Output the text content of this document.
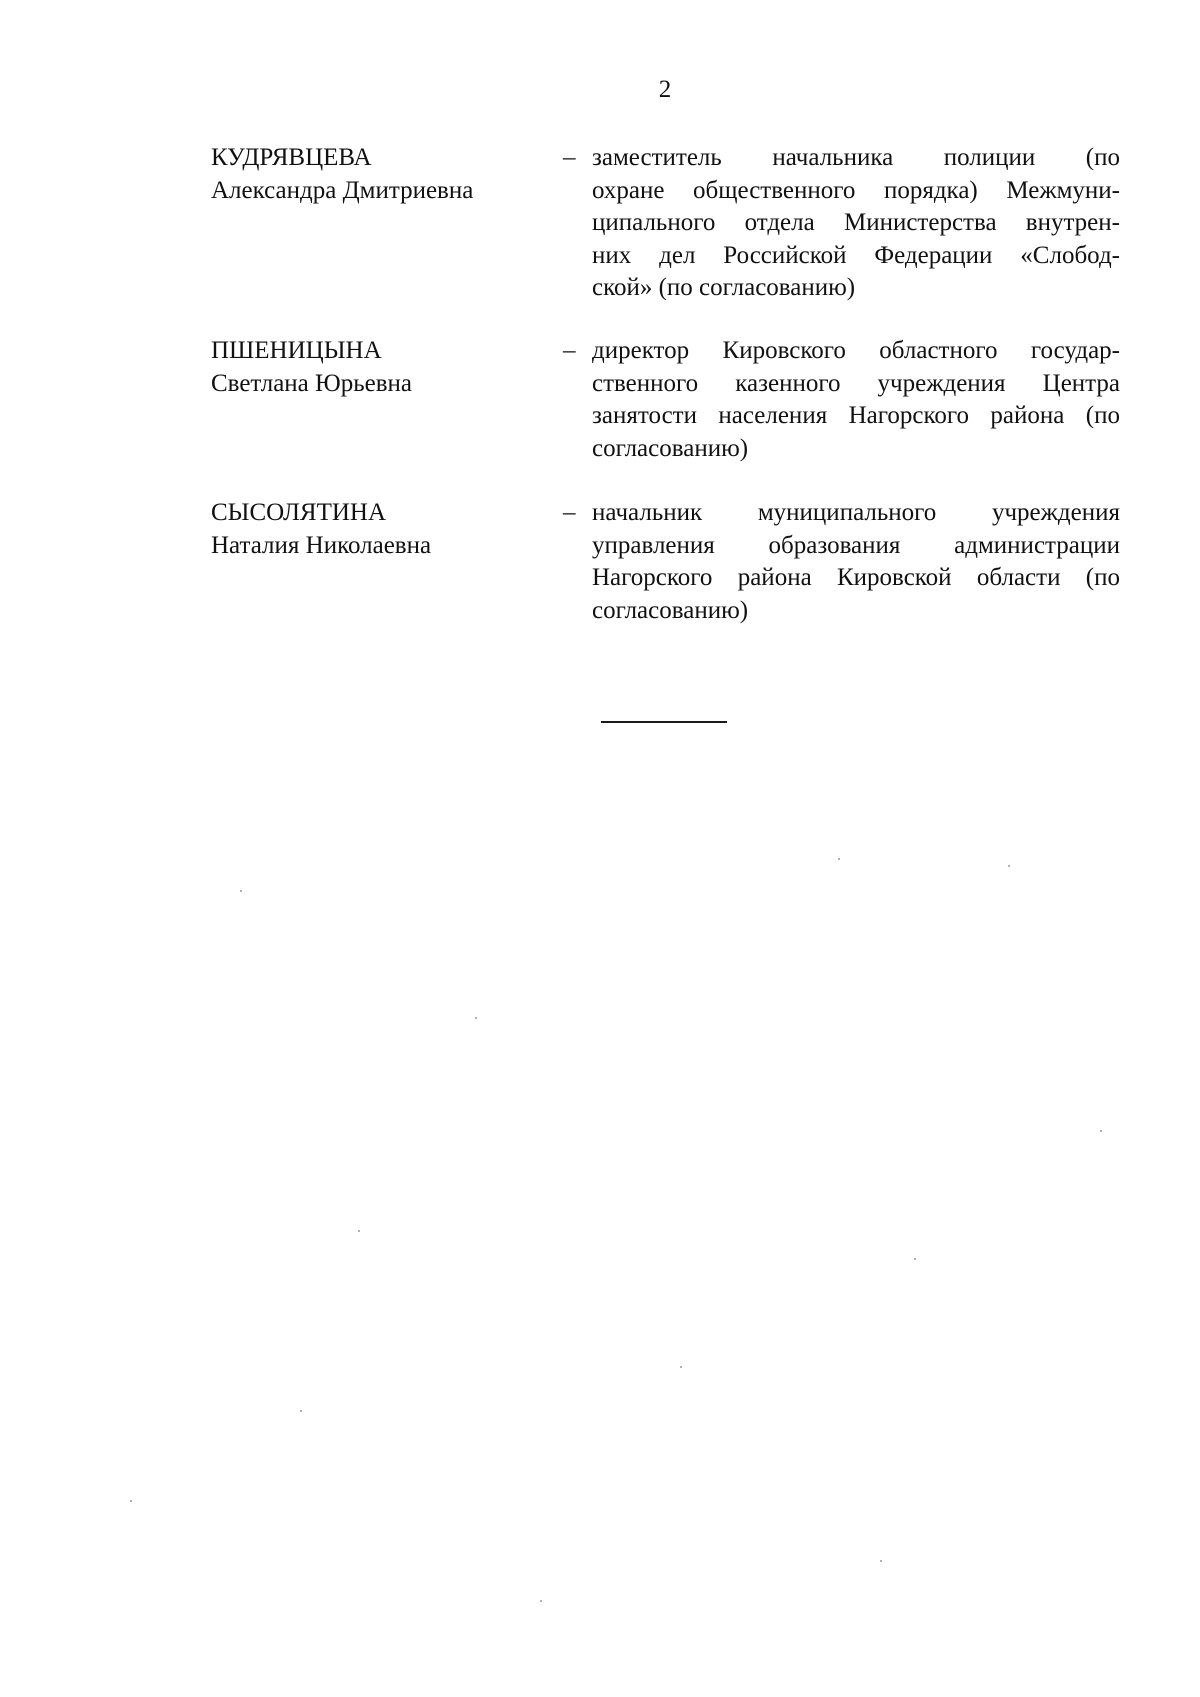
2
КУДРЯВЦЕВА
Александра Дмитриевна
– заместитель начальника полиции (по
охране общественного порядка) Межмуни-
ципального отдела Министерства внутрен-
них дел Российской Федерации «Слобод-
ской» (по согласованию)
ПШЕНИЦЫНА
Светлана Юрьевна
– директор Кировского областного государ-
ственного казенного учреждения Центра
занятости населения Нагорского района (по
согласованию)
СЫСОЛЯТИНА
Наталия Николаевна
– начальник муниципального учреждения
управления образования администрации
Нагорского района Кировской области (по
согласованию)
